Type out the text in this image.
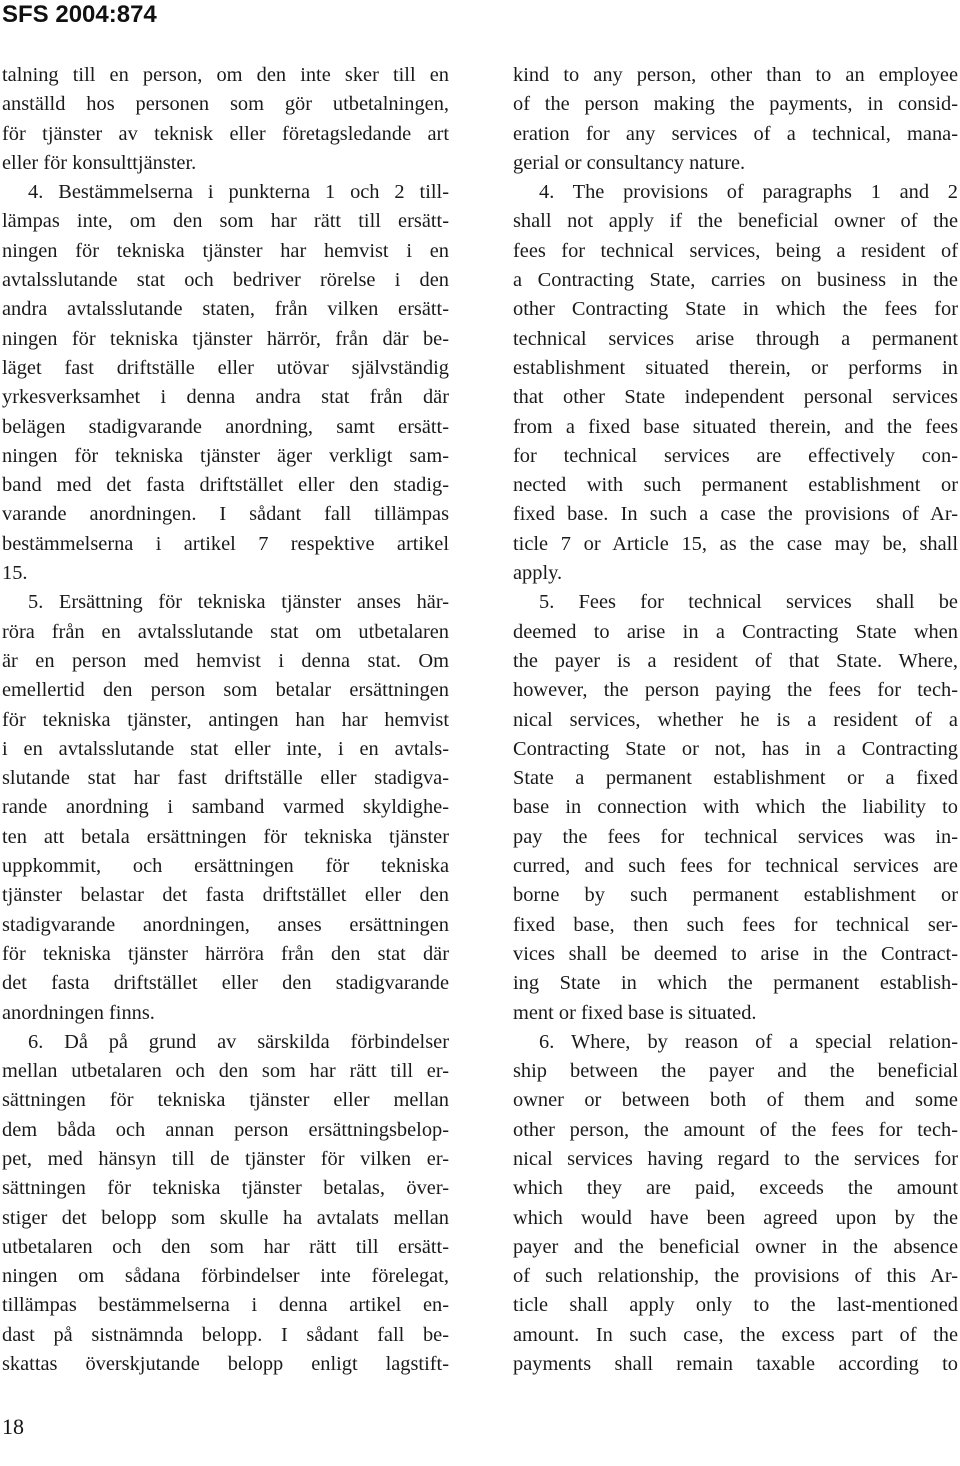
SFS 2004:874
talning till en person, om den inte sker till en
anställd hos personen som gör utbetalningen,
för tjänster av teknisk eller företagsledande art
eller för konsulttjänster.
4. Bestämmelserna i punkterna 1 och 2 till-
lämpas inte, om den som har rätt till ersätt-
ningen för tekniska tjänster har hemvist i en
avtalsslutande stat och bedriver rörelse i den
andra avtalsslutande staten, från vilken ersätt-
ningen för tekniska tjänster härrör, från där be-
läget fast driftställe eller utövar självständig
yrkesverksamhet i denna andra stat från där
belägen stadigvarande anordning, samt ersätt-
ningen för tekniska tjänster äger verkligt sam-
band med det fasta driftstället eller den stadig-
varande anordningen. I sådant fall tillämpas
bestämmelserna i artikel 7 respektive artikel
15.
5. Ersättning för tekniska tjänster anses här-
röra från en avtalsslutande stat om utbetalaren
är en person med hemvist i denna stat. Om
emellertid den person som betalar ersättningen
för tekniska tjänster, antingen han har hemvist
i en avtalsslutande stat eller inte, i en avtals-
slutande stat har fast driftställe eller stadigva-
rande anordning i samband varmed skyldighe-
ten att betala ersättningen för tekniska tjänster
uppkommit, och ersättningen för tekniska
tjänster belastar det fasta driftstället eller den
stadigvarande anordningen, anses ersättningen
för tekniska tjänster härröra från den stat där
det fasta driftstället eller den stadigvarande
anordningen finns.
6. Då på grund av särskilda förbindelser
mellan utbetalaren och den som har rätt till er-
sättningen för tekniska tjänster eller mellan
dem båda och annan person ersättningsbelop-
pet, med hänsyn till de tjänster för vilken er-
sättningen för tekniska tjänster betalas, över-
stiger det belopp som skulle ha avtalats mellan
utbetalaren och den som har rätt till ersätt-
ningen om sådana förbindelser inte förelegat,
tillämpas bestämmelserna i denna artikel en-
dast på sistnämnda belopp. I sådant fall be-
skattas överskjutande belopp enligt lagstift-
kind to any person, other than to an employee
of the person making the payments, in consid-
eration for any services of a technical, mana-
gerial or consultancy nature.
4. The provisions of paragraphs 1 and 2
shall not apply if the beneficial owner of the
fees for technical services, being a resident of
a Contracting State, carries on business in the
other Contracting State in which the fees for
technical services arise through a permanent
establishment situated therein, or performs in
that other State independent personal services
from a fixed base situated therein, and the fees
for technical services are effectively con-
nected with such permanent establishment or
fixed base. In such a case the provisions of Ar-
ticle 7 or Article 15, as the case may be, shall
apply.
5. Fees for technical services shall be
deemed to arise in a Contracting State when
the payer is a resident of that State. Where,
however, the person paying the fees for tech-
nical services, whether he is a resident of a
Contracting State or not, has in a Contracting
State a permanent establishment or a fixed
base in connection with which the liability to
pay the fees for technical services was in-
curred, and such fees for technical services are
borne by such permanent establishment or
fixed base, then such fees for technical ser-
vices shall be deemed to arise in the Contract-
ing State in which the permanent establish-
ment or fixed base is situated.
6. Where, by reason of a special relation-
ship between the payer and the beneficial
owner or between both of them and some
other person, the amount of the fees for tech-
nical services having regard to the services for
which they are paid, exceeds the amount
which would have been agreed upon by the
payer and the beneficial owner in the absence
of such relationship, the provisions of this Ar-
ticle shall apply only to the last-mentioned
amount. In such case, the excess part of the
payments shall remain taxable according to
18
